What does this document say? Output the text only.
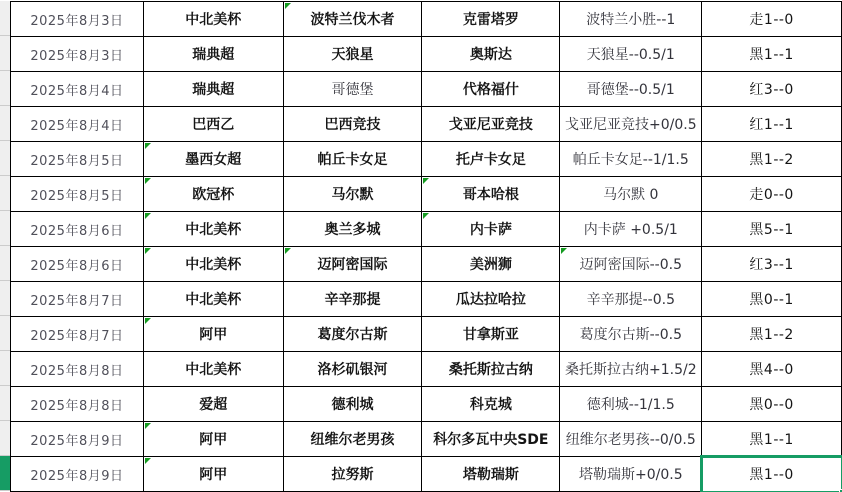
2025年8月3日	中北美杯	波特兰伐木者	克雷塔罗	波特兰小胜--1	走1--0
2025年8月3日	瑞典超	天狼星	奥斯达	天狼星--0.5/1	黑1--1
2025年8月4日	瑞典超	哥德堡	代格福什	哥德堡--0.5/1	红3--0
2025年8月4日	巴西乙	巴西竞技	戈亚尼亚竞技	戈亚尼亚竞技+0/0.5	红1--1
2025年8月5日	墨西女超	帕丘卡女足	托卢卡女足	帕丘卡女足--1/1.5	黑1--2
2025年8月5日	欧冠杯	马尔默	哥本哈根	马尔默 0	走0--0
2025年8月6日	中北美杯	奥兰多城	内卡萨	内卡萨 +0.5/1	黑5--1
2025年8月6日	中北美杯	迈阿密国际	美洲狮	迈阿密国际--0.5	红3--1
2025年8月7日	中北美杯	辛辛那提	瓜达拉哈拉	辛辛那提--0.5	黑0--1
2025年8月7日	阿甲	葛度尔古斯	甘拿斯亚	葛度尔古斯--0.5	黑1--2
2025年8月8日	中北美杯	洛杉矶银河	桑托斯拉古纳	桑托斯拉古纳+1.5/2	黑4--0
2025年8月8日	爱超	德利城	科克城	德利城--1/1.5	黑0--0
2025年8月9日	阿甲	纽维尔老男孩	科尔多瓦中央SDE	纽维尔老男孩--0/0.5	黑1--1
2025年8月9日	阿甲	拉努斯	塔勒瑞斯	塔勒瑞斯+0/0.5	黑1--0
